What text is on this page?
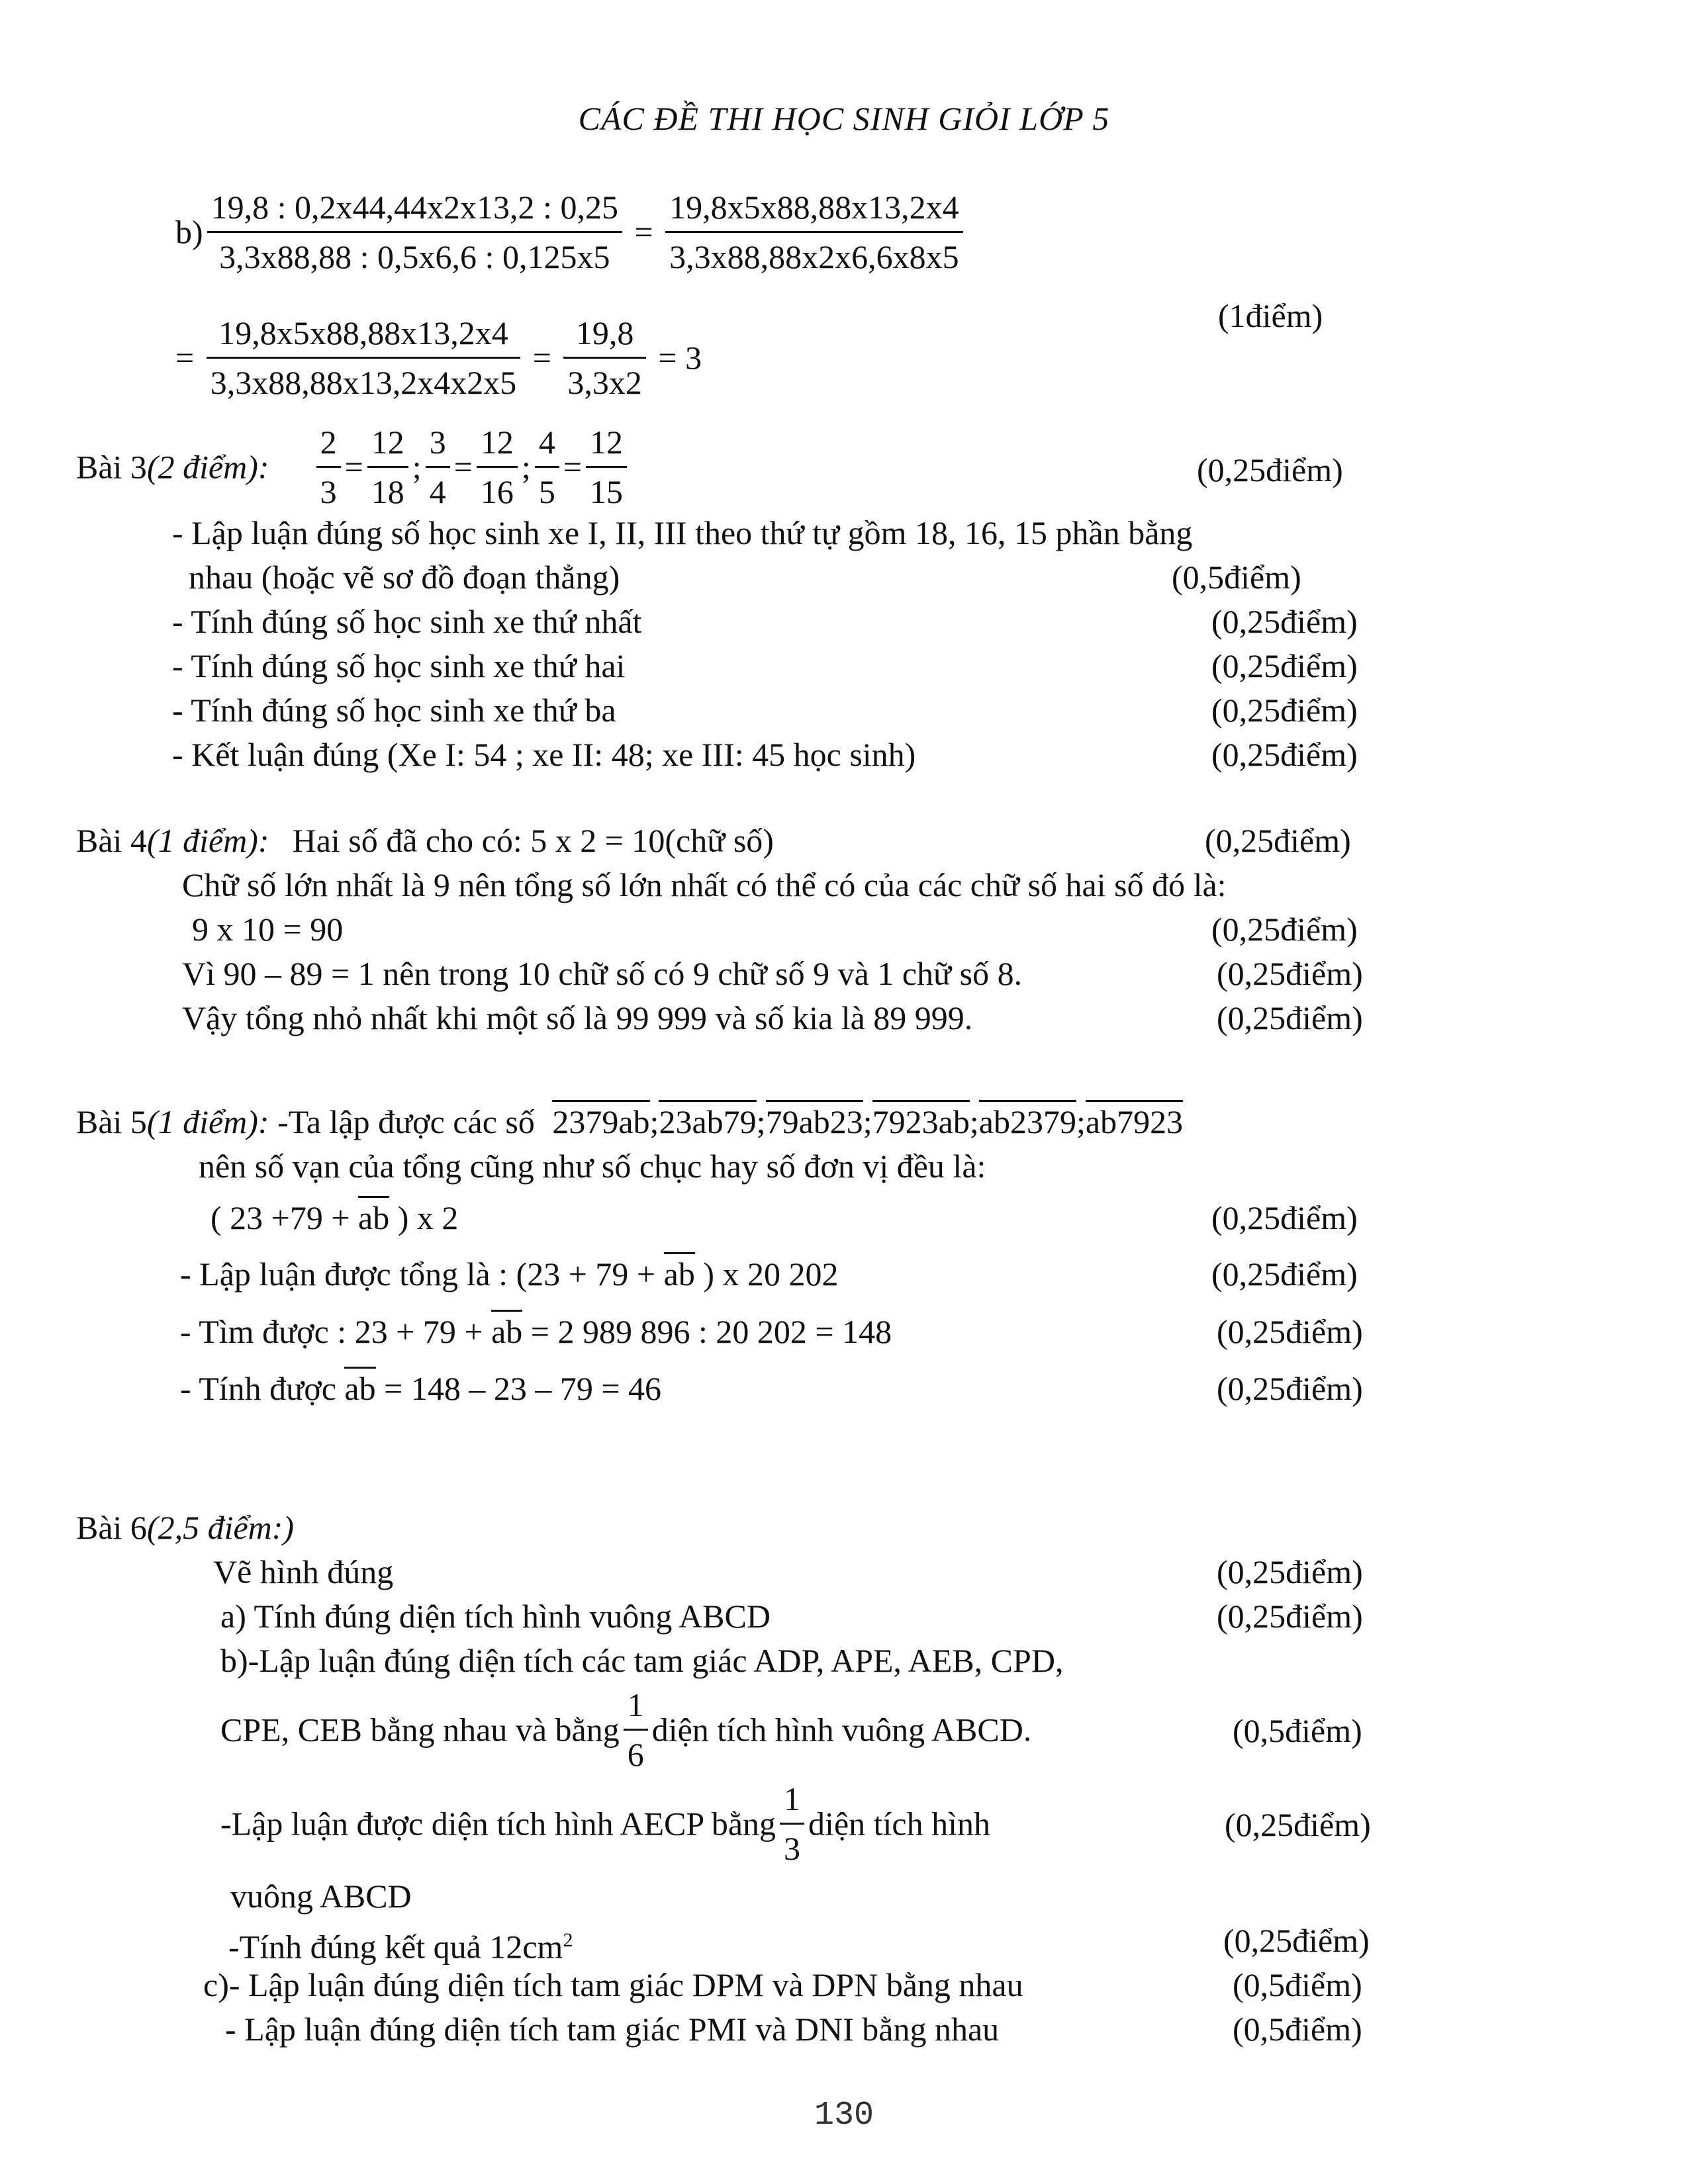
CÁC ĐỀ THI HỌC SINH GIỎI LỚP 5
$b) \frac{19,8 : 0,2x44,44x2x13,2 : 0,25}{3,3x88,88 : 0,5x6,6 : 0,125x5} = \frac{19,8x5x88,88x13,2x4}{3,3x88,88x2x6,6x8x5}$
(1điểm)
= $\frac{19,8x5x88,88x13,2x4}{3,3x88,88x13,2x4x2x5} = \frac{19,8}{3,3x2} = 3$
Bài 3(2 điểm): $\frac{2}{3} = \frac{12}{18}$ ; $\frac{3}{4} = \frac{12}{16}$ ; $\frac{4}{5} = \frac{12}{15}$	(0,25điểm)
- Lập luận đúng số học sinh xe I, II, III theo thứ tự gồm 18, 16, 15 phần bằng
nhau (hoặc vẽ sơ đồ đoạn thẳng)	(0,5điểm)
- Tính đúng số học sinh xe thứ nhất	(0,25điểm)
- Tính đúng số học sinh xe thứ hai	(0,25điểm)
- Tính đúng số học sinh xe thứ ba	(0,25điểm)
- Kết luận đúng (Xe I: 54 ; xe II: 48; xe III: 45 học sinh)	(0,25điểm)
Bài 4(1 điểm): Hai số đã cho có: 5 x 2 = 10(chữ số)	(0,25điểm)
Chữ số lớn nhất là 9 nên tổng số lớn nhất có thể có của các chữ số hai số đó là:
9 x 10 = 90	(0,25điểm)
Vì 90 – 89 = 1 nên trong 10 chữ số có 9 chữ số 9 và 1 chữ số 8.	(0,25điểm)
Vậy tổng nhỏ nhất khi một số là 99 999 và số kia là 89 999.	(0,25điểm)
Bài 5(1 điểm): -Ta lập được các số 2379ab;23ab79;79ab23;7923ab;ab2379;ab7923
nên số vạn của tổng cũng như số chục hay số đơn vị đều là:
( 23 +79 + ab ) x 2	(0,25điểm)
- Lập luận được tổng là : (23 + 79 + ab ) x 20 202	(0,25điểm)
- Tìm được : 23 + 79 + ab = 2 989 896 : 20 202 = 148	(0,25điểm)
- Tính được ab = 148 – 23 – 79 = 46	(0,25điểm)
Bài 6(2,5 điểm:)
Vẽ hình đúng	(0,25điểm)
a) Tính đúng diện tích hình vuông ABCD	(0,25điểm)
b)-Lập luận đúng diện tích các tam giác ADP, APE, AEB, CPD,
CPE, CEB bằng nhau và bằng $\frac{1}{6}$ diện tích hình vuông ABCD.	(0,5điểm)
-Lập luận được diện tích hình AECP bằng $\frac{1}{3}$ diện tích hình	(0,25điểm)
vuông ABCD
-Tính đúng kết quả $12cm^2$	(0,25điểm)
c)- Lập luận đúng diện tích tam giác DPM và DPN bằng nhau	(0,5điểm)
- Lập luận đúng diện tích tam giác PMI và DNI bằng nhau	(0,5điểm)
130
